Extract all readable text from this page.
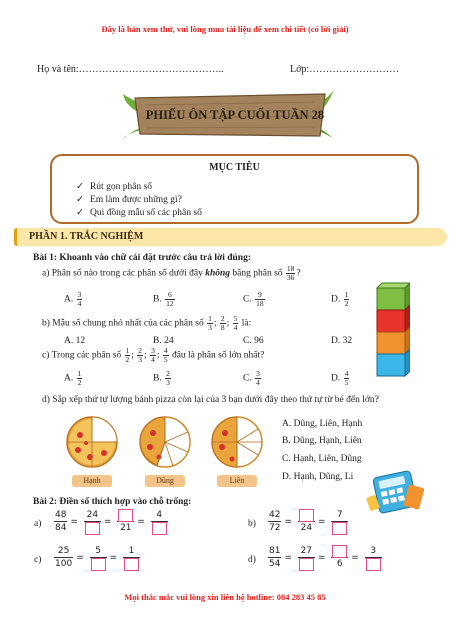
Đây là bản xem thử, vui lòng mua tài liệu để xem chi tiết (có lời giải)
Họ và tên:……………………………………..	Lớp:………………………
PHIẾU ÔN TẬP CUỐI TUẦN 28
MỤC TIÊU
✓ Rút gọn phân số
✓ Em làm được những gì?
✓ Qui đồng mẫu số các phân số
PHẦN 1. TRẮC NGHIỆM
Bài 1: Khoanh vào chữ cái đặt trước câu trả lời đúng:
a) Phân số nào trong các phân số dưới đây không bằng phân số $\frac{18}{36}$ ?
A. $\frac{3}{4}$	B. $\frac{6}{12}$	C. $\frac{9}{18}$	D. $\frac{1}{2}$
b) Mẫu số chung nhỏ nhất của các phân số $\frac{1}{3}$ ; $\frac{2}{8}$ ; $\frac{5}{4}$ là:
A. 12	B. 24	C. 96	D. 32
c) Trong các phân số $\frac{1}{2}$ ; $\frac{2}{3}$ ; $\frac{3}{4}$ ; $\frac{4}{5}$ đâu là phân số lớn nhất?
A. $\frac{1}{2}$	B. $\frac{2}{3}$	C. $\frac{3}{4}$	D. $\frac{4}{5}$
d) Sắp xếp thứ tự lượng bánh pizza còn lại của 3 bạn dưới đây theo thứ tự từ bé đến lớn?
Hạnh	Dũng	Liên
A. Dũng, Liên, Hạnh
B. Dũng, Hạnh, Liên
C. Hạnh, Liên, Dũng
D. Hạnh, Dũng, Li
Bài 2: Điền số thích hợp vào chỗ trống:
$a) \frac{48}{84}$ =
24
=
21
=
4
$b) \frac{42}{72}$ =
24
=
7
$c) \frac{25}{100}$ =
5
=
1
$d) \frac{81}{54}$ =
27
=
6
=
3
Mọi thắc mắc vui lòng xin liên hệ hotline: 084 283 45 85
